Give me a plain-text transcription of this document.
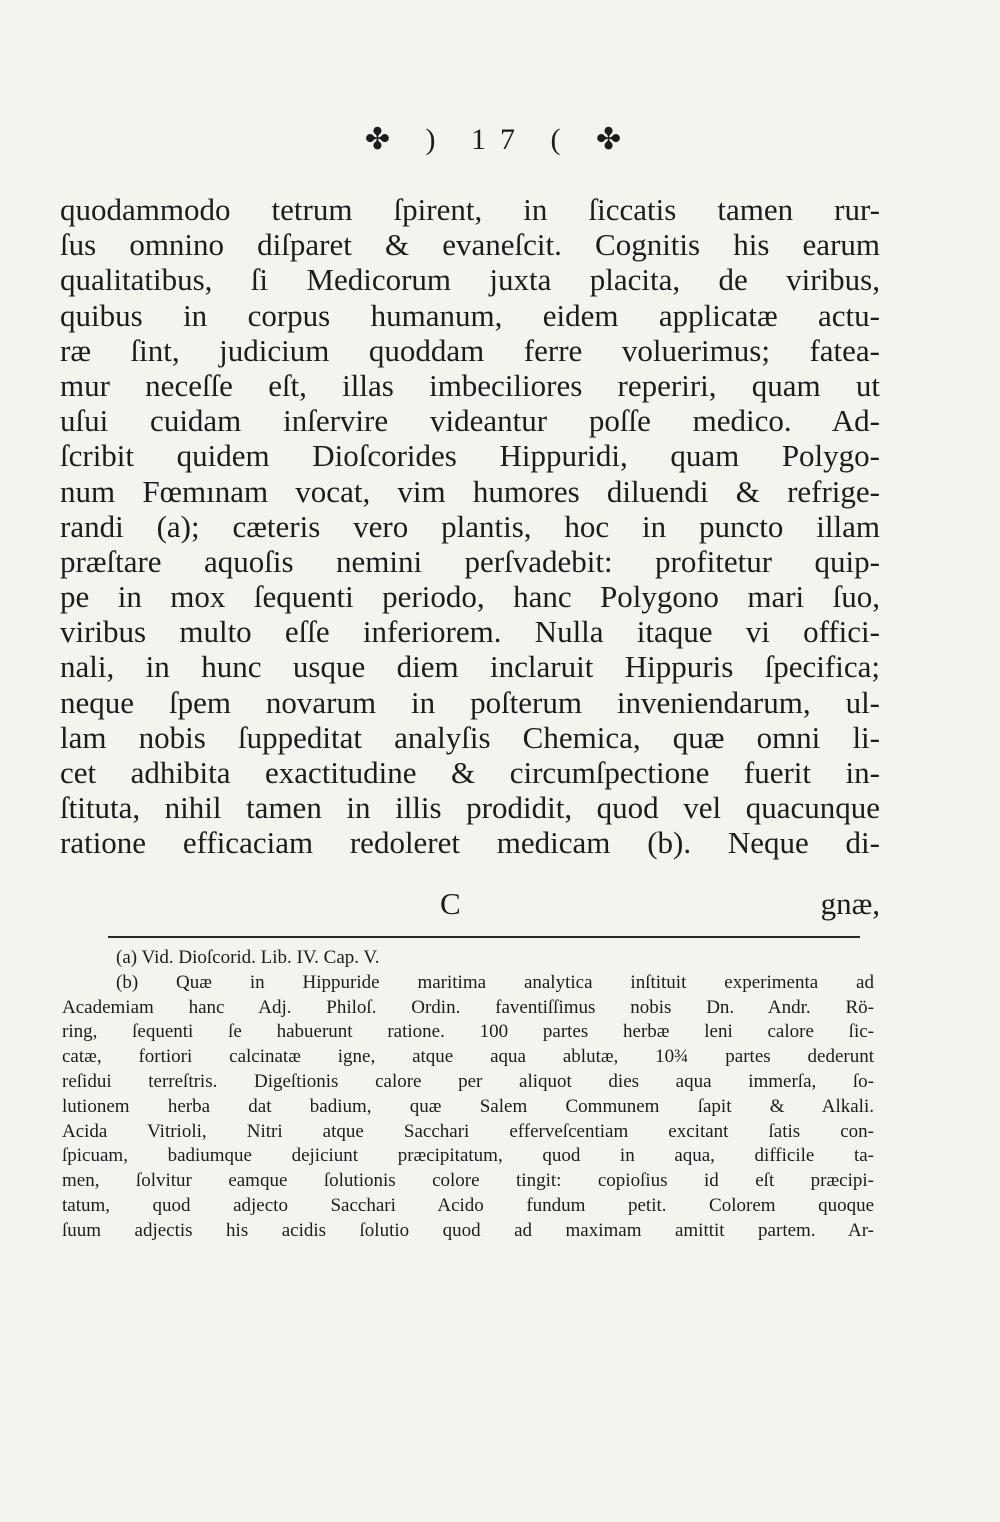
✤ ) 17 ( ✤
quodammodo tetrum ſpirent, in ſiccatis tamen rur-
ſus omnino diſparet & evaneſcit. Cognitis his earum
qualitatibus, ſi Medicorum juxta placita, de viribus,
quibus in corpus humanum, eidem applicatæ actu-
ræ ſint, judicium quoddam ferre voluerimus; fatea-
mur neceſſe eſt, illas imbeciliores reperiri, quam ut
uſui cuidam inſervire videantur poſſe medico. Ad-
ſcribit quidem Dioſcorides Hippuridi, quam Polygo-
num Fœmınam vocat, vim humores diluendi & refrige-
randi (a); cæteris vero plantis, hoc in puncto illam
præſtare aquoſis nemini perſvadebit: profitetur quip-
pe in mox ſequenti periodo, hanc Polygono mari ſuo,
viribus multo eſſe inferiorem. Nulla itaque vi offici-
nali, in hunc usque diem inclaruit Hippuris ſpecifica;
neque ſpem novarum in poſterum inveniendarum, ul-
lam nobis ſuppeditat analyſis Chemica, quæ omni li-
cet adhibita exactitudine & circumſpectione fuerit in-
ſtituta, nihil tamen in illis prodidit, quod vel quacunque
ratione efficaciam redoleret medicam (b). Neque di-
C	gnæ,
(a) Vid. Dioſcorid. Lib. IV. Cap. V.
(b) Quæ in Hippuride maritima analytica inſtituit experimenta ad
Academiam hanc Adj. Philoſ. Ordin. faventiſſimus nobis Dn. Andr. Rö-
ring, ſequenti ſe habuerunt ratione. 100 partes herbæ leni calore ſic-
catæ, fortiori calcinatæ igne, atque aqua ablutæ, 10¾ partes dederunt
reſidui terreſtris. Digeſtionis calore per aliquot dies aqua immerſa, ſo-
lutionem herba dat badium, quæ Salem Communem ſapit & Alkali.
Acida Vitrioli, Nitri atque Sacchari efferveſcentiam excitant ſatis con-
ſpicuam, badiumque dejiciunt præcipitatum, quod in aqua, difficile ta-
men, ſolvitur eamque ſolutionis colore tingit: copioſius id eſt præcipi-
tatum, quod adjecto Sacchari Acido fundum petit. Colorem quoque
ſuum adjectis his acidis ſolutio quod ad maximam amittit partem. Ar-
